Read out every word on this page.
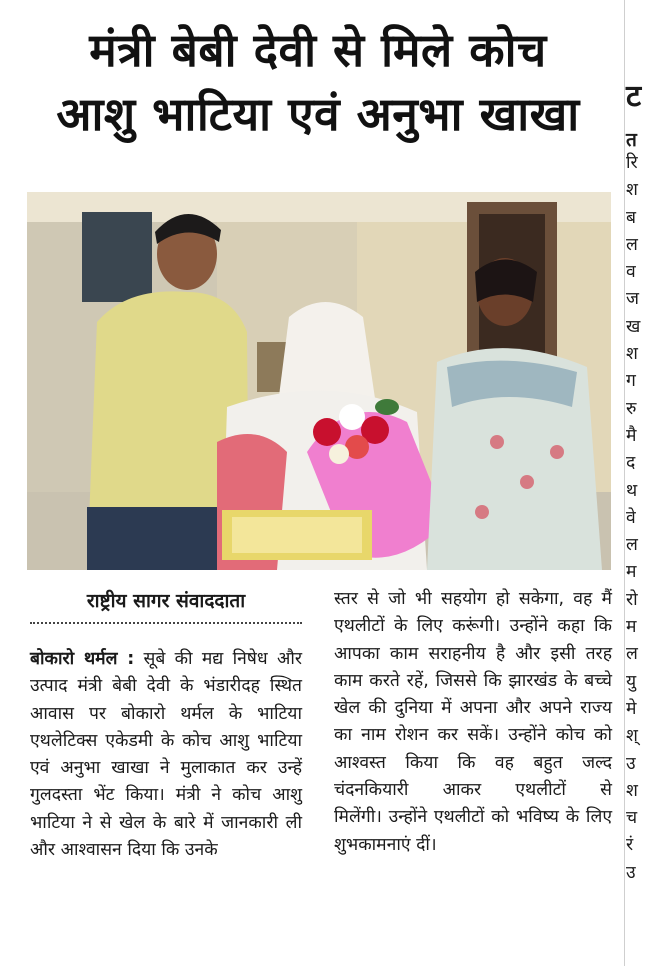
मंत्री बेबी देवी से मिले कोच
आशु भाटिया एवं अनुभा खाखा
राष्ट्रीय सागर संवाददाता

बोकारो थर्मल : सूबे की मद्य निषेध और उत्पाद मंत्री बेबी देवी के भंडारीदह स्थित आवास पर बोकारो थर्मल के भाटिया एथलेटिक्स एकेडमी के कोच आशु भाटिया एवं अनुभा खाखा ने मुलाकात कर उन्हें गुलदस्ता भेंट किया। मंत्री ने कोच आशु भाटिया ने से खेल के बारे में जानकारी ली और आश्वासन दिया कि उनके

स्तर से जो भी सहयोग हो सकेगा, वह मैं एथलीटों के लिए करूंगी। उन्होंने कहा कि आपका काम सराहनीय है और इसी तरह काम करते रहें, जिससे कि झारखंड के बच्चे खेल की दुनिया में अपना और अपने राज्य का नाम रोशन कर सकें। उन्होंने कोच को आश्वस्त किया कि वह बहुत जल्द चंदनकियारी आकर एथलीटों से

मिलेंगी। उन्होंने एथलीटों को भविष्य के लिए शुभकामनाएं दीं।

ट
त
रि
श
ब
ल
व
ज
ख
श
ग
रु
मै
द
थ
वे
ल
म
रो
म
ल
यु
मे
श्
उ
श
च
रं
उ
